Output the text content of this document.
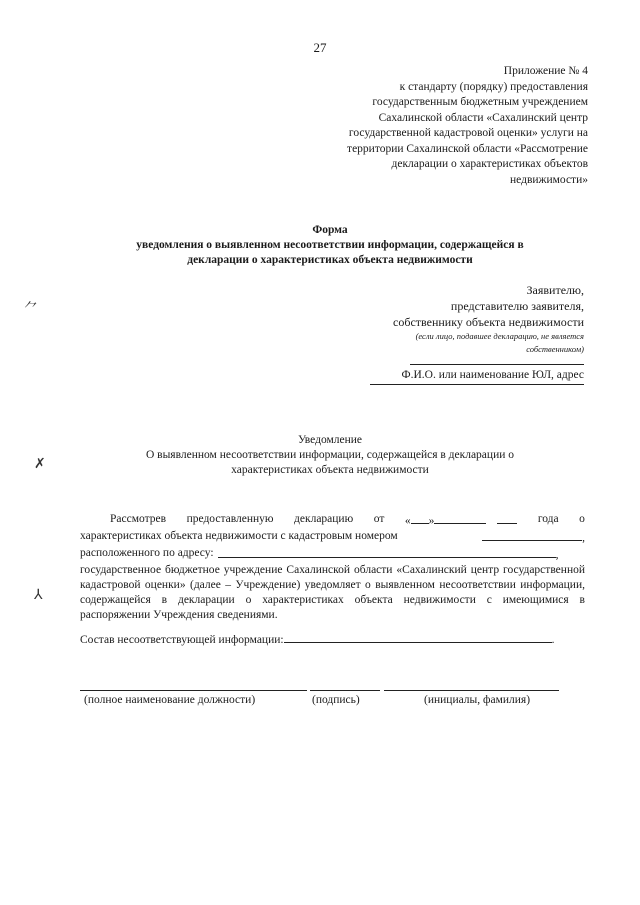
27
Приложение № 4
к стандарту (порядку) предоставления
государственным бюджетным учреждением
Сахалинской области «Сахалинский центр
государственной кадастровой оценки» услуги на
территории Сахалинской области «Рассмотрение
декларации о характеристиках объектов
недвижимости»
Форма
уведомления о выявленном несоответствии информации, содержащейся в
декларации о характеристиках объекта недвижимости
Заявителю,
представителю заявителя,
собственнику объекта недвижимости
(если лицо, подавшее декларацию, не является
собственником)
Ф.И.О. или наименование ЮЛ, адрес
Уведомление
О выявленном несоответствии информации, содержащейся в декларации о
характеристиках объекта недвижимости
Рассмотрев предоставленную декларацию от « »	года о
характеристиках объекта недвижимости с кадастровым номером	,
расположенного по адресу:	,
государственное бюджетное учреждение Сахалинской области «Сахалинский центр государственной кадастровой оценки» (далее – Учреждение) уведомляет о выявленном несоответствии информации, содержащейся в декларации о характеристиках объекта недвижимости с имеющимися в распоряжении Учреждения сведениями.
Состав несоответствующей информации:	.
(полное наименование должности)	(подпись)	(инициалы, фамилия)
⺈
✗
⅄
